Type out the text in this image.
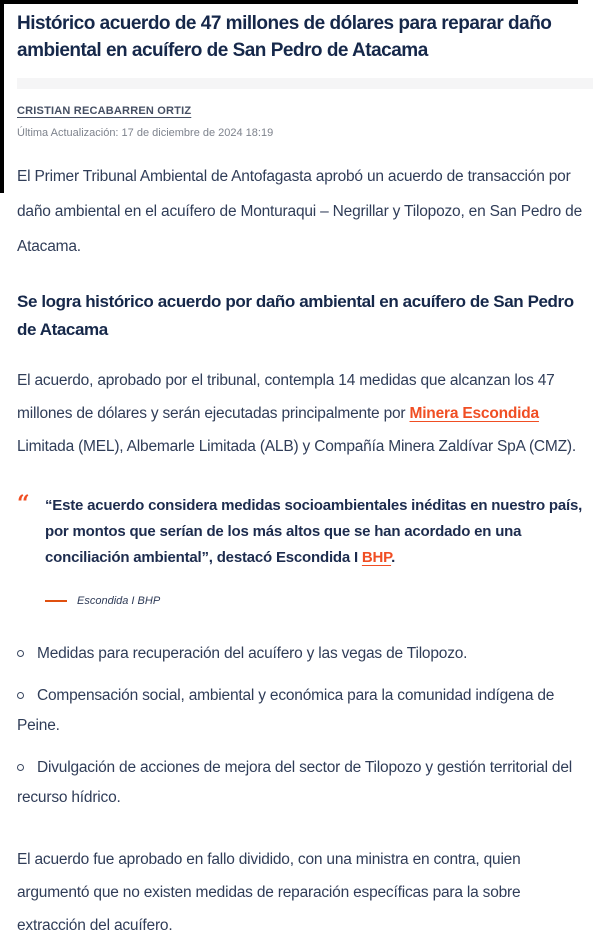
Histórico acuerdo de 47 millones de dólares para reparar daño ambiental en acuífero de San Pedro de Atacama
CRISTIAN RECABARREN ORTIZ
Última Actualización: 17 de diciembre de 2024 18:19

El Primer Tribunal Ambiental de Antofagasta aprobó un acuerdo de transacción por daño ambiental en el acuífero de Monturaqui – Negrillar y Tilopozo, en San Pedro de Atacama.

Se logra histórico acuerdo por daño ambiental en acuífero de San Pedro de Atacama

El acuerdo, aprobado por el tribunal, contempla 14 medidas que alcanzan los 47 millones de dólares y serán ejecutadas principalmente por Minera Escondida Limitada (MEL), Albemarle Limitada (ALB) y Compañía Minera Zaldívar SpA (CMZ).

“	“Este acuerdo considera medidas socioambientales inéditas en nuestro país, por montos que serían de los más altos que se han acordado en una conciliación ambiental”, destacó Escondida I BHP.

Escondida I BHP
Medidas para recuperación del acuífero y las vegas de Tilopozo.
Compensación social, ambiental y económica para la comunidad indígena de Peine.
Divulgación de acciones de mejora del sector de Tilopozo y gestión territorial del recurso hídrico.

El acuerdo fue aprobado en fallo dividido, con una ministra en contra, quien argumentó que no existen medidas de reparación específicas para la sobre extracción del acuífero.
